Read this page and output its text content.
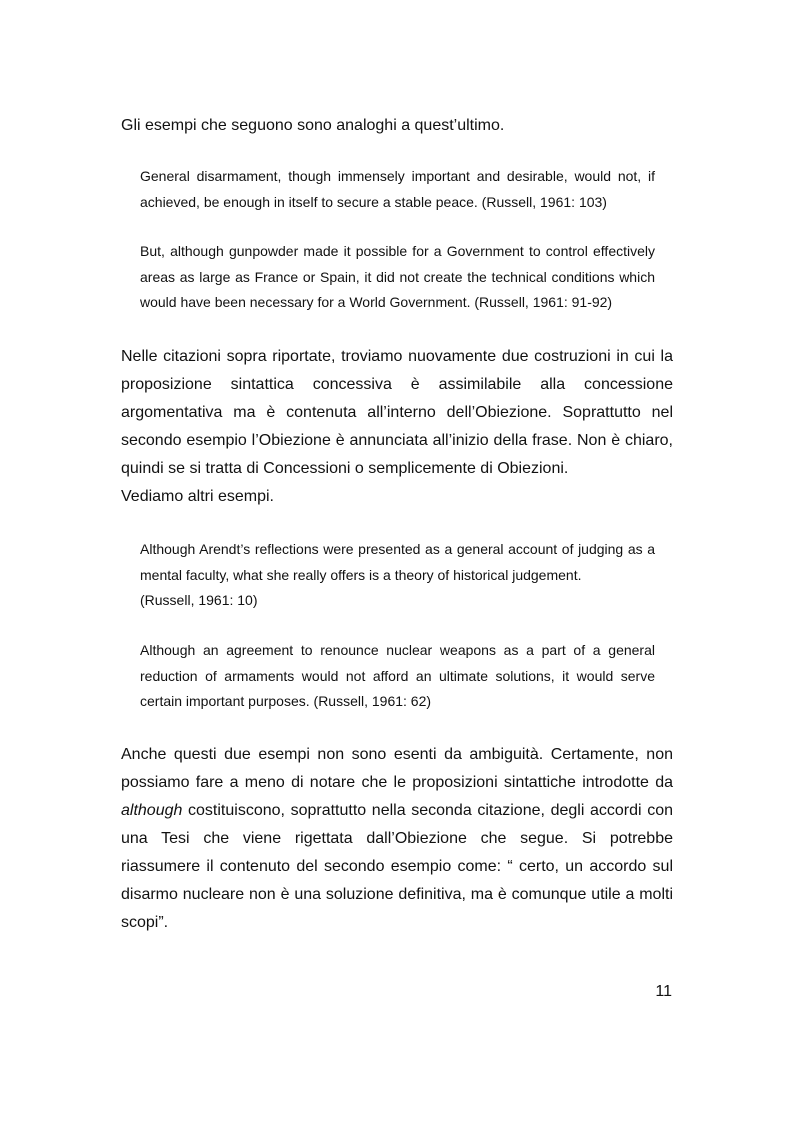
Gli esempi che seguono sono analoghi a quest’ultimo.

General disarmament, though immensely important and desirable, would not, if achieved, be enough in itself to secure a stable peace. (Russell, 1961: 103)

But, although gunpowder made it possible for a Government to control effectively areas as large as France or Spain, it did not create the technical conditions which would have been necessary for a World Government. (Russell, 1961: 91-92)

Nelle citazioni sopra riportate, troviamo nuovamente due costruzioni in cui la proposizione sintattica concessiva è assimilabile alla concessione argomentativa ma è contenuta all’interno dell’Obiezione. Soprattutto nel secondo esempio l’Obiezione è annunciata all’inizio della frase. Non è chiaro, quindi se si tratta di Concessioni o semplicemente di Obiezioni.
Vediamo altri esempi.
Although Arendt’s reflections were presented as a general account of judging as a mental faculty, what she really offers is a theory of historical judgement.
(Russell, 1961: 10)

Although an agreement to renounce nuclear weapons as a part of a general reduction of armaments would not afford an ultimate solutions, it would serve certain important purposes. (Russell, 1961: 62)

Anche questi due esempi non sono esenti da ambiguità. Certamente, non possiamo fare a meno di notare che le proposizioni sintattiche introdotte da although costituiscono, soprattutto nella seconda citazione, degli accordi con una Tesi che viene rigettata dall’Obiezione che segue. Si potrebbe riassumere il contenuto del secondo esempio come: “ certo, un accordo sul disarmo nucleare non è una soluzione definitiva, ma è comunque utile a molti scopi”.

11
